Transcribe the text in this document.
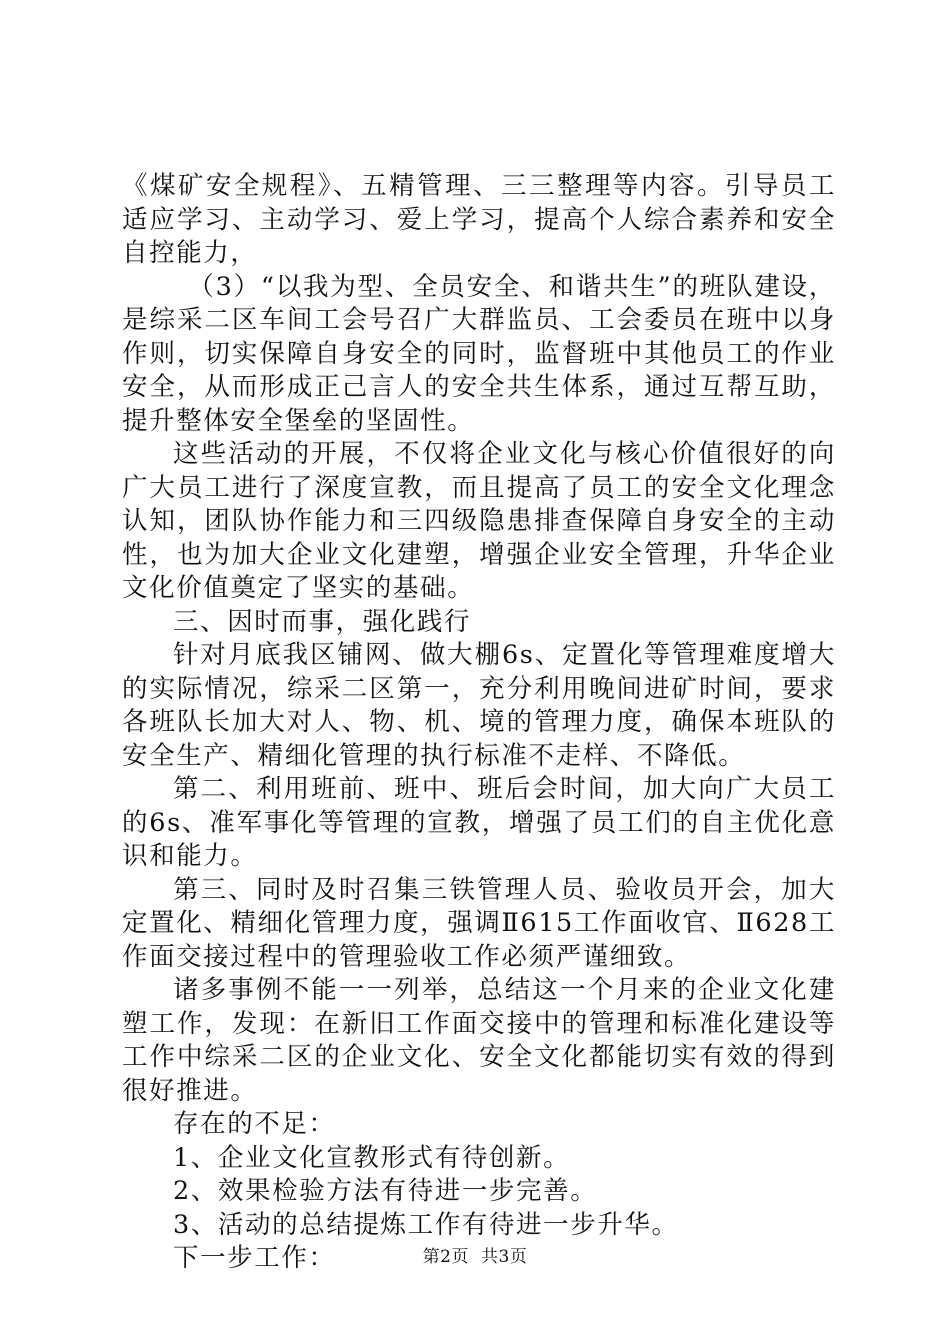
《煤矿安全规程》、五精管理、三三整理等内容。引导员工适应学习、主动学习、爱上学习，提高个人综合素养和安全自控能力，

（3）“以我为型、全员安全、和谐共生”的班队建设，是综采二区车间工会号召广大群监员、工会委员在班中以身作则，切实保障自身安全的同时，监督班中其他员工的作业安全，从而形成正己言人的安全共生体系，通过互帮互助，提升整体安全堡垒的坚固性。

这些活动的开展，不仅将企业文化与核心价值很好的向广大员工进行了深度宣教，而且提高了员工的安全文化理念认知，团队协作能力和三四级隐患排查保障自身安全的主动性，也为加大企业文化建塑，增强企业安全管理，升华企业文化价值奠定了坚实的基础。

三、因时而事，强化践行

针对月底我区铺网、做大棚6s、定置化等管理难度增大的实际情况，综采二区第一，充分利用晚间进矿时间，要求各班队长加大对人、物、机、境的管理力度，确保本班队的安全生产、精细化管理的执行标准不走样、不降低。

第二、利用班前、班中、班后会时间，加大向广大员工的6s、准军事化等管理的宣教，增强了员工们的自主优化意识和能力。

第三、同时及时召集三铁管理人员、验收员开会，加大定置化、精细化管理力度，强调Ⅱ615工作面收官、Ⅱ628工作面交接过程中的管理验收工作必须严谨细致。

诸多事例不能一一列举，总结这一个月来的企业文化建塑工作，发现：在新旧工作面交接中的管理和标准化建设等工作中综采二区的企业文化、安全文化都能切实有效的得到很好推进。

存在的不足：

1、企业文化宣教形式有待创新。

2、效果检验方法有待进一步完善。

3、活动的总结提炼工作有待进一步升华。

下一步工作：	第2页 共3页
